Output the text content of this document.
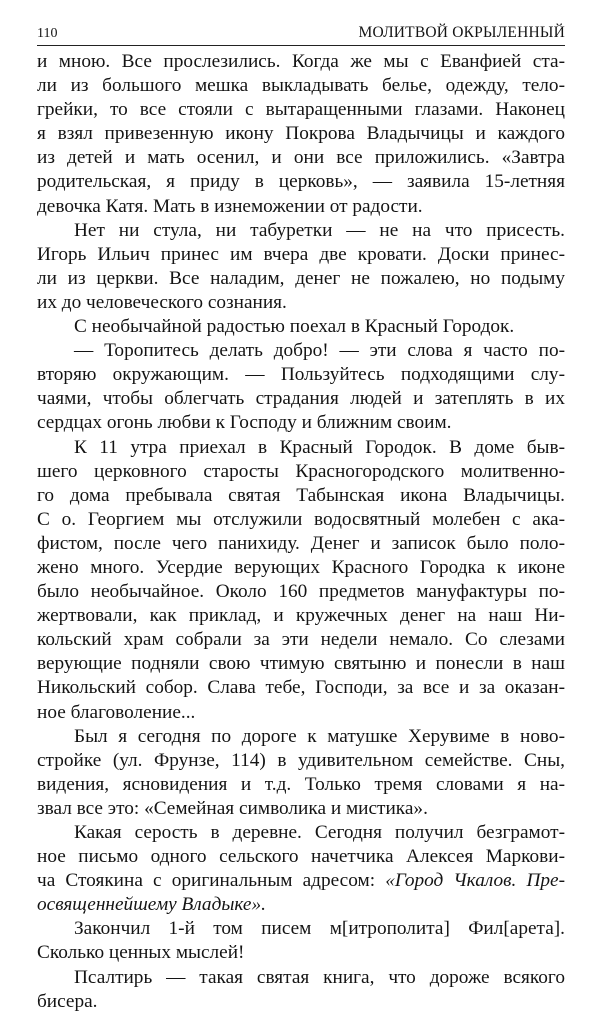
110	МОЛИТВОЙ ОКРЫЛЕННЫЙ
и мною. Все прослезились. Когда же мы с Еванфией ста-
ли из большого мешка выкладывать белье, одежду, тело-
грейки, то все стояли с вытаращенными глазами. Наконец
я взял привезенную икону Покрова Владычицы и каждого
из детей и мать осенил, и они все приложились. «Завтра
родительская, я приду в церковь», — заявила 15-летняя
девочка Катя. Мать в изнеможении от радости.
Нет ни стула, ни табуретки — не на что присесть.
Игорь Ильич принес им вчера две кровати. Доски принес-
ли из церкви. Все наладим, денег не пожалею, но подыму
их до человеческого сознания.
С необычайной радостью поехал в Красный Городок.
— Торопитесь делать добро! — эти слова я часто по-
вторяю окружающим. — Пользуйтесь подходящими слу-
чаями, чтобы облегчать страдания людей и затеплять в их
сердцах огонь любви к Господу и ближним своим.
К 11 утра приехал в Красный Городок. В доме быв-
шего церковного старосты Красногородского молитвенно-
го дома пребывала святая Табынская икона Владычицы.
С о. Георгием мы отслужили водосвятный молебен с ака-
фистом, после чего панихиду. Денег и записок было поло-
жено много. Усердие верующих Красного Городка к иконе
было необычайное. Около 160 предметов мануфактуры по-
жертвовали, как приклад, и кружечных денег на наш Ни-
кольский храм собрали за эти недели немало. Со слезами
верующие подняли свою чтимую святыню и понесли в наш
Никольский собор. Слава тебе, Господи, за все и за оказан-
ное благоволение...
Был я сегодня по дороге к матушке Херувиме в ново-
стройке (ул. Фрунзе, 114) в удивительном семействе. Сны,
видения, ясновидения и т.д. Только тремя словами я на-
звал все это: «Семейная символика и мистика».
Какая серость в деревне. Сегодня получил безграмот-
ное письмо одного сельского начетчика Алексея Маркови-
ча Стоякина с оригинальным адресом: «Город Чкалов. Пре-
освященнейшему Владыке».
Закончил 1-й том писем м[итрополита] Фил[арета].
Сколько ценных мыслей!
Псалтирь — такая святая книга, что дороже всякого
бисера.
